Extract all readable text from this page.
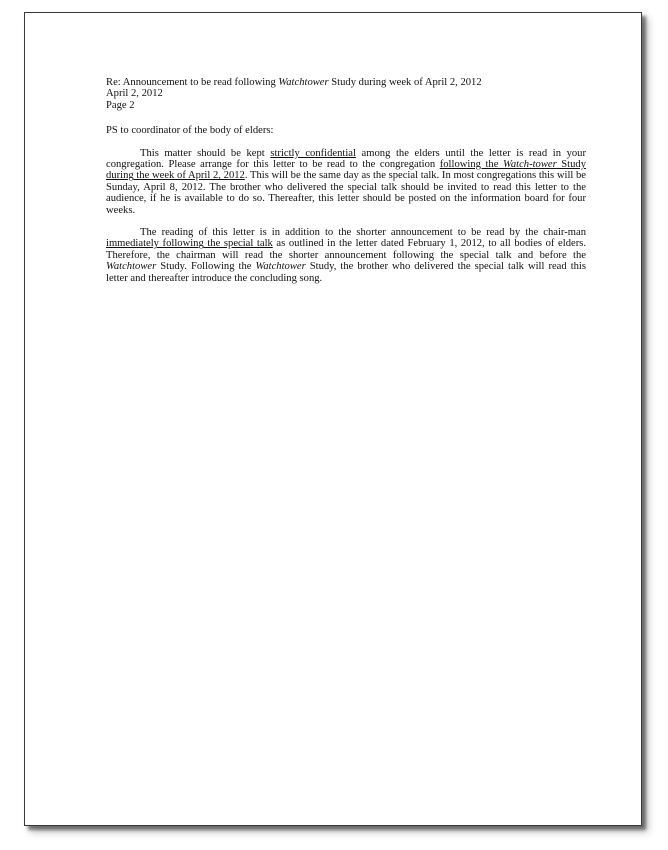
Re: Announcement to be read following Watchtower Study during week of April 2, 2012
April 2, 2012
Page 2
PS to coordinator of the body of elders:
This matter should be kept strictly confidential among the elders until the letter is read in your congregation. Please arrange for this letter to be read to the congregation following the Watch-tower Study during the week of April 2, 2012. This will be the same day as the special talk. In most congregations this will be Sunday, April 8, 2012. The brother who delivered the special talk should be invited to read this letter to the audience, if he is available to do so. Thereafter, this letter should be posted on the information board for four weeks.
The reading of this letter is in addition to the shorter announcement to be read by the chair-man immediately following the special talk as outlined in the letter dated February 1, 2012, to all bodies of elders. Therefore, the chairman will read the shorter announcement following the special talk and before the Watchtower Study. Following the Watchtower Study, the brother who delivered the special talk will read this letter and thereafter introduce the concluding song.
